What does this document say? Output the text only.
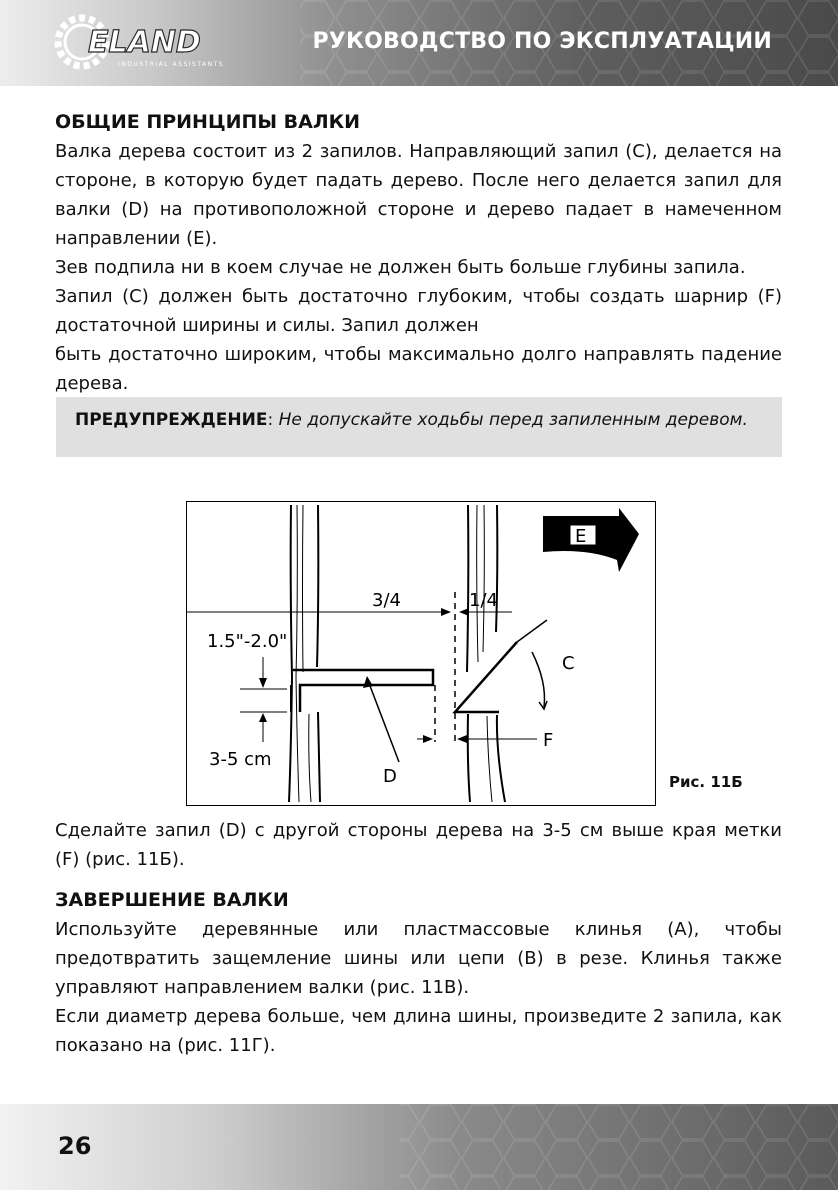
ELAND
INDUSTRIAL ASSISTANTS
РУКОВОДСТВО ПО ЭКСПЛУАТАЦИИ
ОБЩИЕ ПРИНЦИПЫ ВАЛКИ

Валка дерева состоит из 2 запилов. Направляющий запил (С), делается на стороне, в которую будет падать дерево. После него делается запил для валки (D) на противоположной стороне и дерево падает в намеченном направлении (Е).

Зев подпила ни в коем случае не должен быть больше глубины запила.

Запил (С) должен быть достаточно глубоким, чтобы создать шарнир (F) достаточной ширины и силы. Запил должен

быть достаточно широким, чтобы максимально долго направлять падение дерева.

ПРЕДУПРЕЖДЕНИЕ: Не допускайте ходьбы перед запиленным деревом.
3/4	1/4
1.5"-2.0"
3-5 cm
D
F
C
E
Рис. 11Б

Сделайте запил (D) с другой стороны дерева на 3-5 см выше края метки (F) (рис. 11Б).

ЗАВЕРШЕНИЕ ВАЛКИ

Используйте деревянные или пластмассовые клинья (А), чтобы предотвратить защемление шины или цепи (В) в резе. Клинья также управляют направлением валки (рис. 11В).

Если диаметр дерева больше, чем длина шины, произведите 2 запила, как показано на (рис. 11Г).

26
